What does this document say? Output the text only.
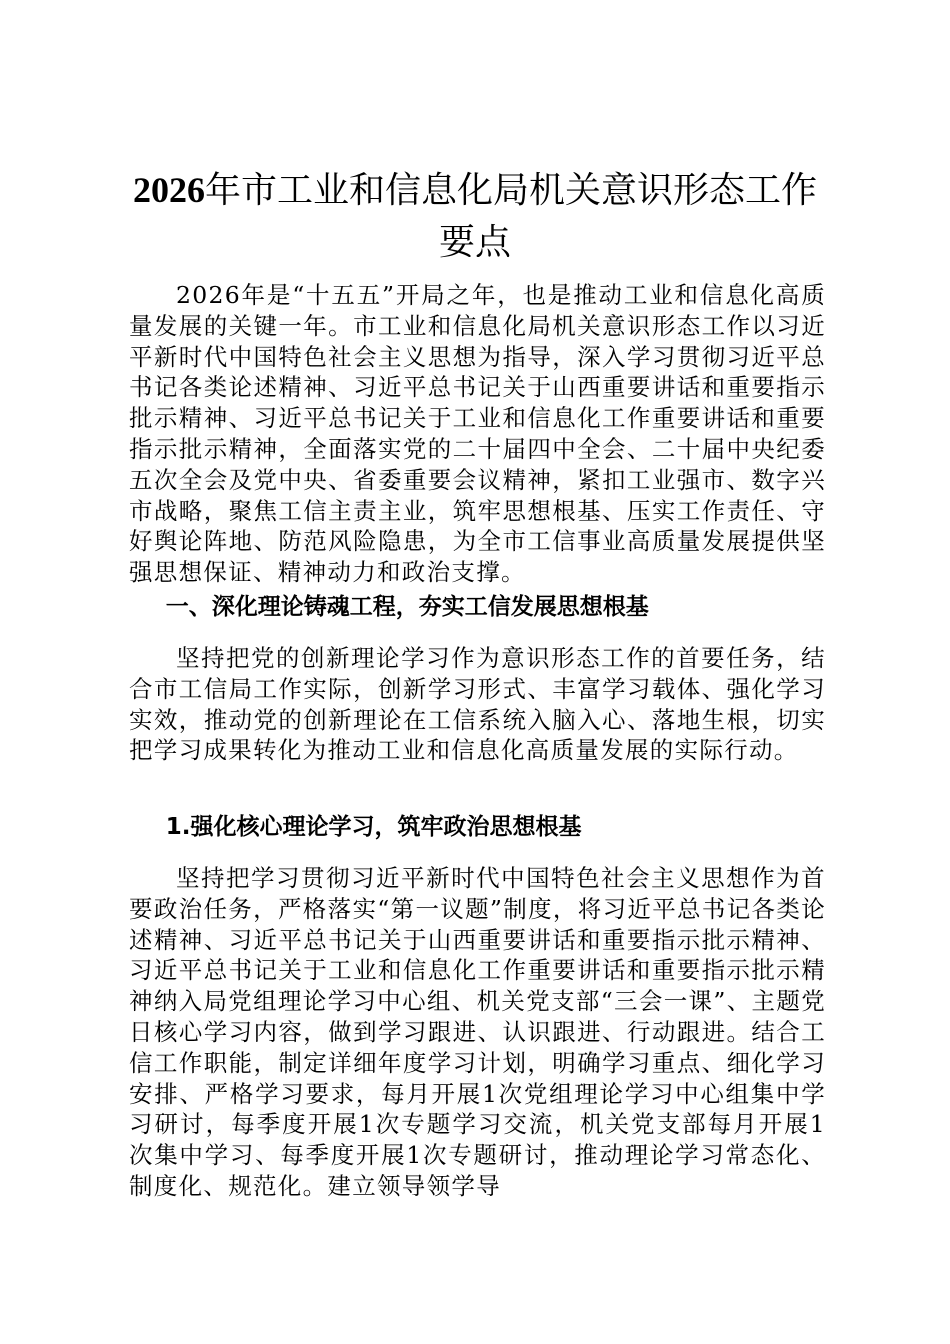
2026年市工业和信息化局机关意识形态工作要点

2026年是“十五五”开局之年，也是推动工业和信息化高质量发展的关键一年。市工业和信息化局机关意识形态工作以习近平新时代中国特色社会主义思想为指导，深入学习贯彻习近平总书记各类论述精神、习近平总书记关于山西重要讲话和重要指示批示精神、习近平总书记关于工业和信息化工作重要讲话和重要指示批示精神，全面落实党的二十届四中全会、二十届中央纪委五次全会及党中央、省委重要会议精神，紧扣工业强市、数字兴市战略，聚焦工信主责主业，筑牢思想根基、压实工作责任、守好舆论阵地、防范风险隐患，为全市工信事业高质量发展提供坚强思想保证、精神动力和政治支撑。

一、深化理论铸魂工程，夯实工信发展思想根基

坚持把党的创新理论学习作为意识形态工作的首要任务，结合市工信局工作实际，创新学习形式、丰富学习载体、强化学习实效，推动党的创新理论在工信系统入脑入心、落地生根，切实把学习成果转化为推动工业和信息化高质量发展的实际行动。

1.强化核心理论学习，筑牢政治思想根基

坚持把学习贯彻习近平新时代中国特色社会主义思想作为首要政治任务，严格落实“第一议题”制度，将习近平总书记各类论述精神、习近平总书记关于山西重要讲话和重要指示批示精神、习近平总书记关于工业和信息化工作重要讲话和重要指示批示精神纳入局党组理论学习中心组、机关党支部“三会一课”、主题党日核心学习内容，做到学习跟进、认识跟进、行动跟进。结合工信工作职能，制定详细年度学习计划，明确学习重点、细化学习安排、严格学习要求，每月开展1次党组理论学习中心组集中学习研讨，每季度开展1次专题学习交流，机关党支部每月开展1次集中学习、每季度开展1次专题研讨，推动理论学习常态化、制度化、规范化。建立领导领学导
